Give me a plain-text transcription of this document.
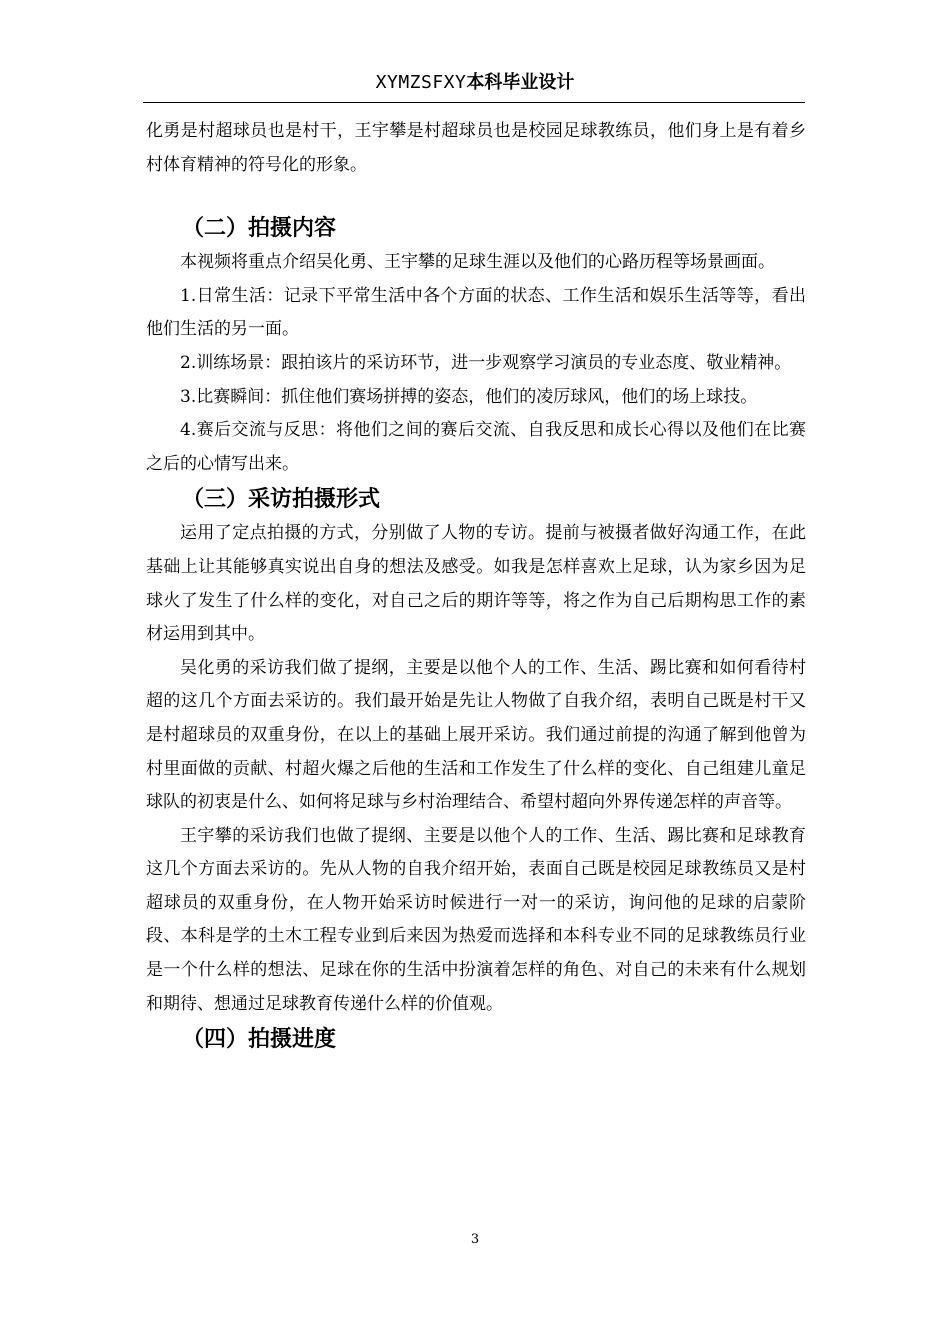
XYMZSFXY本科毕业设计

化勇是村超球员也是村干，王宇攀是村超球员也是校园足球教练员，他们身上是有着乡村体育精神的符号化的形象。

（二）拍摄内容

本视频将重点介绍吴化勇、王宇攀的足球生涯以及他们的心路历程等场景画面。

1.日常生活：记录下平常生活中各个方面的状态、工作生活和娱乐生活等等，看出他们生活的另一面。

2.训练场景：跟拍该片的采访环节，进一步观察学习演员的专业态度、敬业精神。

3.比赛瞬间：抓住他们赛场拼搏的姿态，他们的凌厉球风，他们的场上球技。

4.赛后交流与反思：将他们之间的赛后交流、自我反思和成长心得以及他们在比赛之后的心情写出来。

（三）采访拍摄形式

运用了定点拍摄的方式，分别做了人物的专访。提前与被摄者做好沟通工作，在此基础上让其能够真实说出自身的想法及感受。如我是怎样喜欢上足球，认为家乡因为足球火了发生了什么样的变化，对自己之后的期许等等，将之作为自己后期构思工作的素材运用到其中。

吴化勇的采访我们做了提纲，主要是以他个人的工作、生活、踢比赛和如何看待村超的这几个方面去采访的。我们最开始是先让人物做了自我介绍，表明自己既是村干又是村超球员的双重身份，在以上的基础上展开采访。我们通过前提的沟通了解到他曾为村里面做的贡献、村超火爆之后他的生活和工作发生了什么样的变化、自己组建儿童足球队的初衷是什么、如何将足球与乡村治理结合、希望村超向外界传递怎样的声音等。

王宇攀的采访我们也做了提纲、主要是以他个人的工作、生活、踢比赛和足球教育这几个方面去采访的。先从人物的自我介绍开始，表面自己既是校园足球教练员又是村超球员的双重身份，在人物开始采访时候进行一对一的采访，询问他的足球的启蒙阶段、本科是学的土木工程专业到后来因为热爱而选择和本科专业不同的足球教练员行业是一个什么样的想法、足球在你的生活中扮演着怎样的角色、对自己的未来有什么规划和期待、想通过足球教育传递什么样的价值观。

（四）拍摄进度
3
